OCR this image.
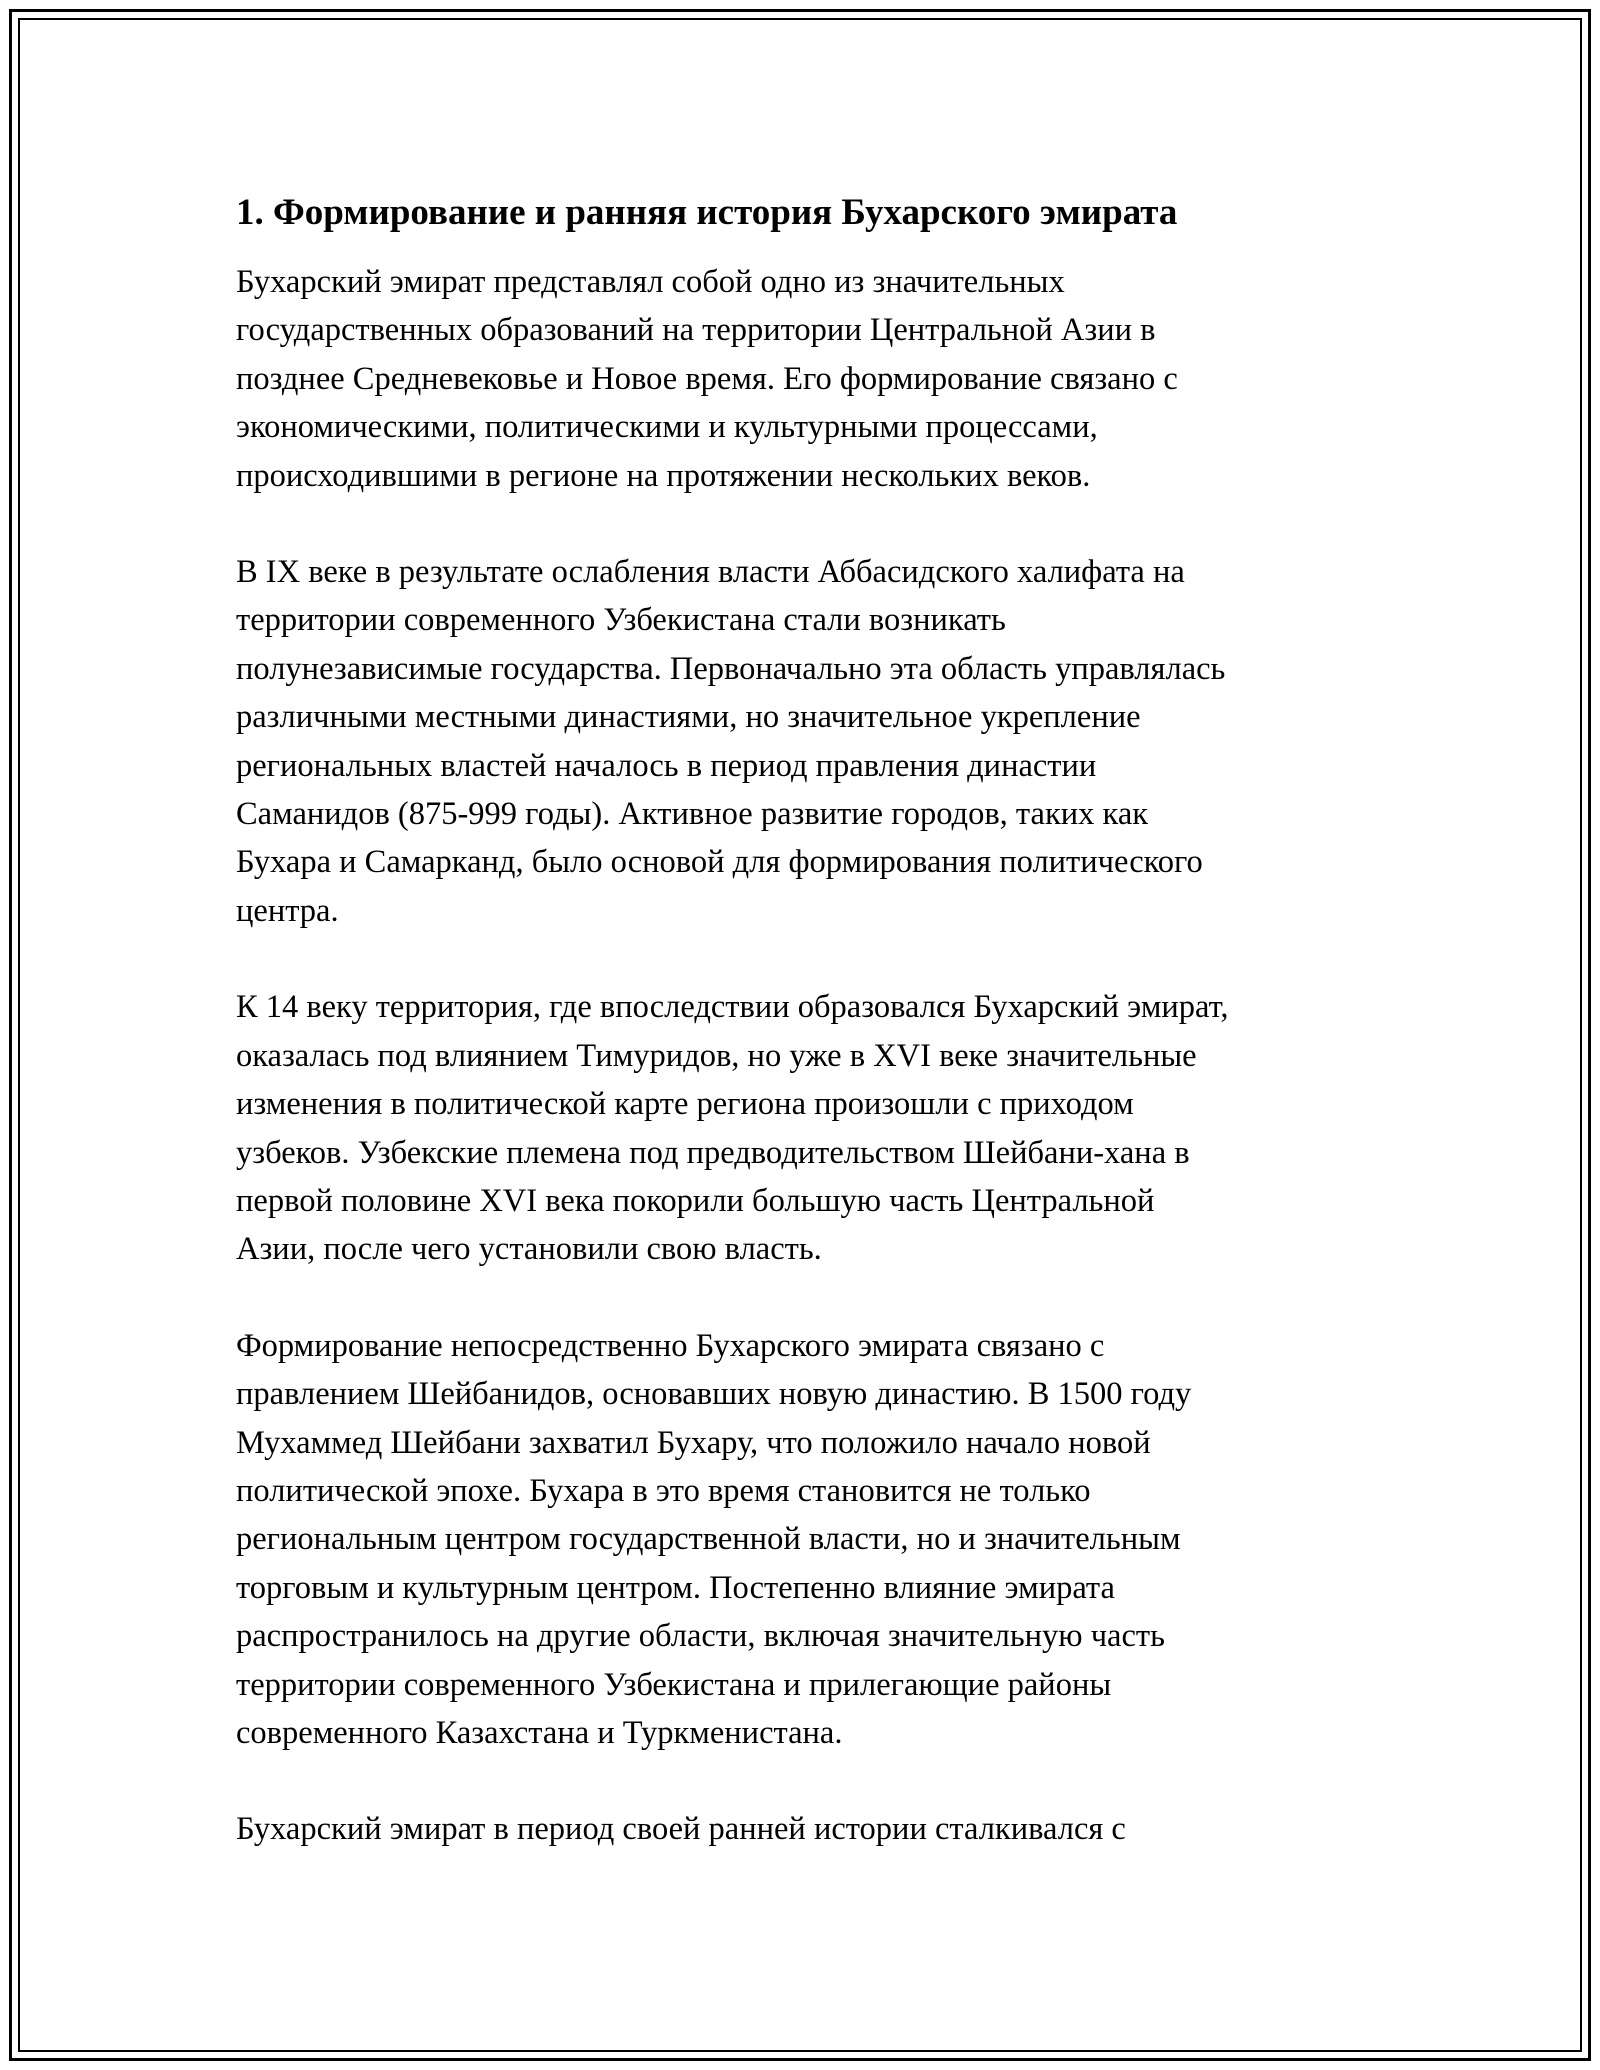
1. Формирование и ранняя история Бухарского эмирата

Бухарский эмират представлял собой одно из значительных
государственных образований на территории Центральной Азии в
позднее Средневековье и Новое время. Его формирование связано с
экономическими, политическими и культурными процессами,
происходившими в регионе на протяжении нескольких веков.

В IX веке в результате ослабления власти Аббасидского халифата на
территории современного Узбекистана стали возникать
полунезависимые государства. Первоначально эта область управлялась
различными местными династиями, но значительное укрепление
региональных властей началось в период правления династии
Саманидов (875-999 годы). Активное развитие городов, таких как
Бухара и Самарканд, было основой для формирования политического
центра.

К 14 веку территория, где впоследствии образовался Бухарский эмират,
оказалась под влиянием Тимуридов, но уже в XVI веке значительные
изменения в политической карте региона произошли с приходом
узбеков. Узбекские племена под предводительством Шейбани-хана в
первой половине XVI века покорили большую часть Центральной
Азии, после чего установили свою власть.

Формирование непосредственно Бухарского эмирата связано с
правлением Шейбанидов, основавших новую династию. В 1500 году
Мухаммед Шейбани захватил Бухару, что положило начало новой
политической эпохе. Бухара в это время становится не только
региональным центром государственной власти, но и значительным
торговым и культурным центром. Постепенно влияние эмирата
распространилось на другие области, включая значительную часть
территории современного Узбекистана и прилегающие районы
современного Казахстана и Туркменистана.

Бухарский эмират в период своей ранней истории сталкивался с
